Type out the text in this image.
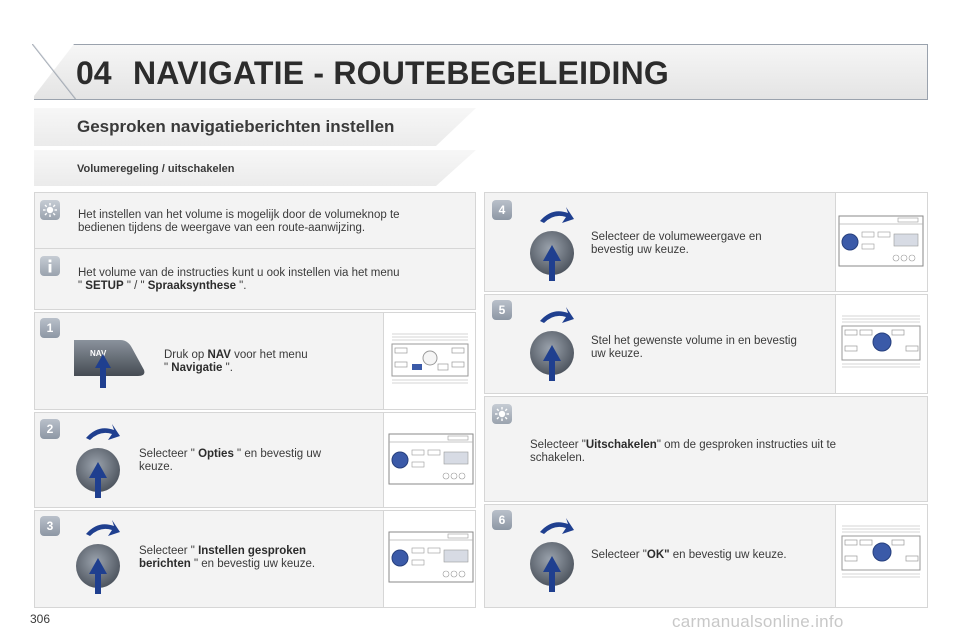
04 NAVIGATIE - ROUTEBEGELEIDING
Gesproken navigatieberichten instellen
Volumeregeling / uitschakelen
Het instellen van het volume is mogelijk door de volumeknop te
bedienen tijdens de weergave van een route-aanwijzing.
Het volume van de instructies kunt u ook instellen via het menu
" SETUP " / " Spraaksynthese ".
1
NAV	Druk op NAV voor het menu
" Navigatie ".
2
Selecteer " Opties " en bevestig uw
keuze.
3
Selecteer " Instellen gesproken
berichten " en bevestig uw keuze.
4
Selecteer de volumeweergave en
bevestig uw keuze.
5
Stel het gewenste volume in en bevestig
uw keuze.
Selecteer "Uitschakelen" om de gesproken instructies uit te
schakelen.
6
Selecteer "OK" en bevestig uw keuze.
306	carmanualsonline.info
